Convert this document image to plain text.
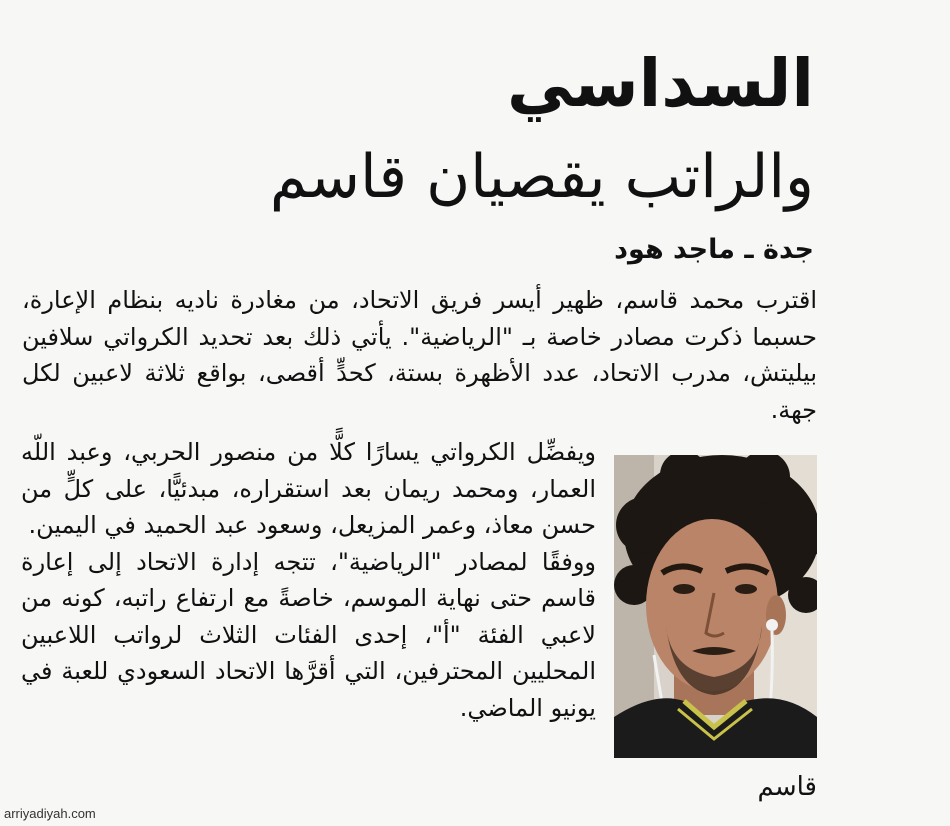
السداسي
والراتب يقصيان قاسم
جدة ـ ماجد هود

اقترب محمد قاسم، ظهير أيسر فريق الاتحاد، من مغادرة ناديه بنظام الإعارة، حسبما ذكرت مصادر خاصة بـ "الرياضية". يأتي ذلك بعد تحديد الكرواتي سلافين بيليتش، مدرب الاتحاد، عدد الأظهرة بستة، كحدٍّ أقصى، بواقع ثلاثة لاعبين لكل جهة.

ويفضِّل الكرواتي يسارًا كلًّا من منصور الحربي، وعبد اللّه العمار، ومحمد ريمان بعد استقراره، مبدئيًّا، على كلٍّ من حسن معاذ، وعمر المزيعل، وسعود عبد الحميد في اليمين.

ووفقًا لمصادر "الرياضية"، تتجه إدارة الاتحاد إلى إعارة قاسم حتى نهاية الموسم، خاصةً مع ارتفاع راتبه، كونه من لاعبي الفئة "أ"، إحدى الفئات الثلاث لرواتب اللاعبين المحليين المحترفين، التي أقرَّها الاتحاد السعودي للعبة في يونيو الماضي.

قاسم
arriyadiyah.com
